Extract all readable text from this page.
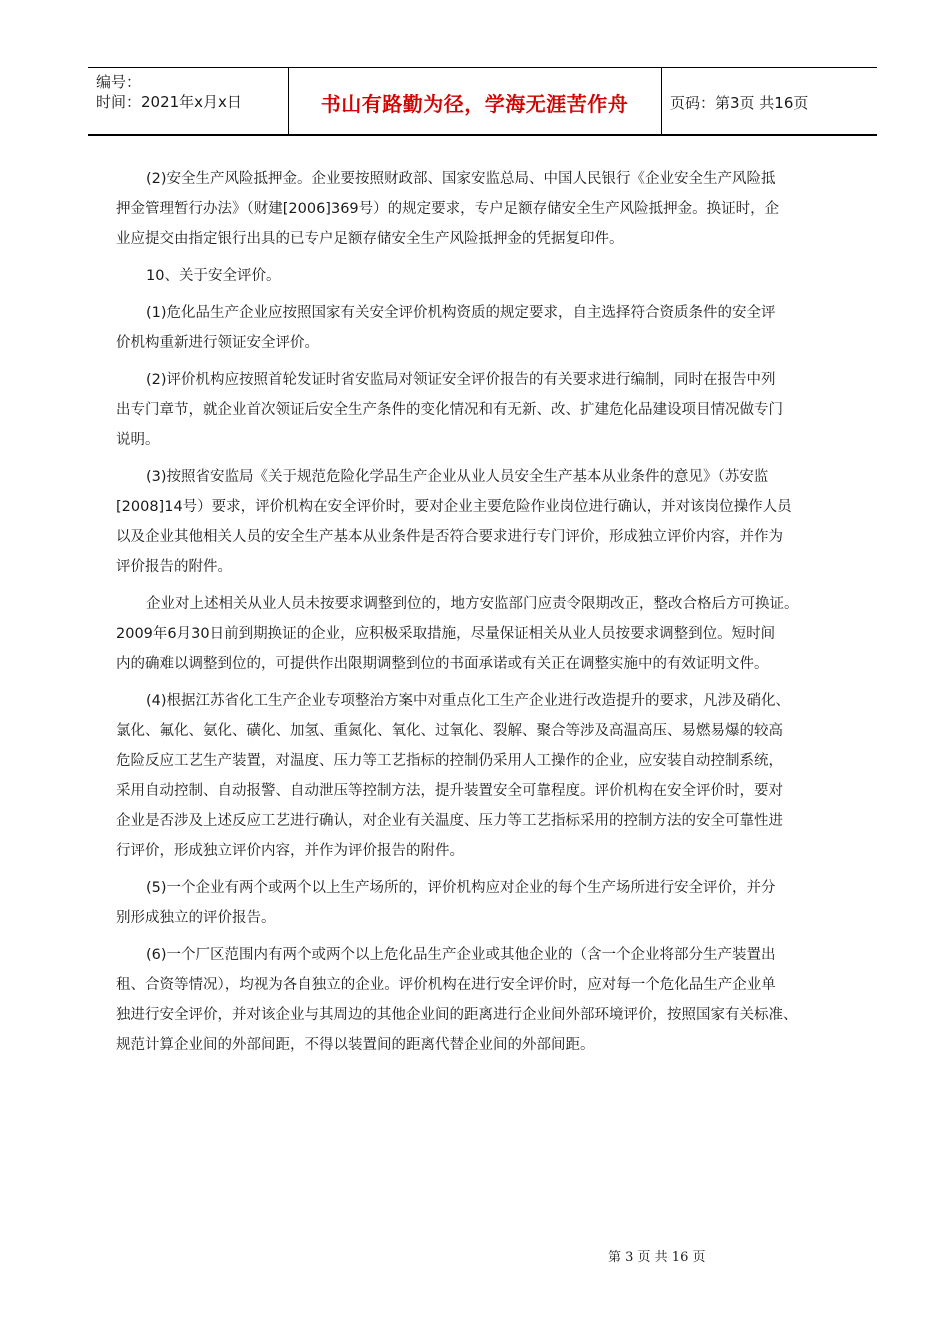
编号：
时间：2021年x月x日	书山有路勤为径，学海无涯苦作舟	页码：第3页 共16页
(2)安全生产风险抵押金。企业要按照财政部、国家安监总局、中国人民银行《企业安全生产风险抵
押金管理暂行办法》（财建[2006]369号）的规定要求，专户足额存储安全生产风险抵押金。换证时，企
业应提交由指定银行出具的已专户足额存储安全生产风险抵押金的凭据复印件。
10、关于安全评价。
(1)危化品生产企业应按照国家有关安全评价机构资质的规定要求，自主选择符合资质条件的安全评
价机构重新进行领证安全评价。
(2)评价机构应按照首轮发证时省安监局对领证安全评价报告的有关要求进行编制，同时在报告中列
出专门章节，就企业首次领证后安全生产条件的变化情况和有无新、改、扩建危化品建设项目情况做专门
说明。
(3)按照省安监局《关于规范危险化学品生产企业从业人员安全生产基本从业条件的意见》（苏安监
[2008]14号）要求，评价机构在安全评价时，要对企业主要危险作业岗位进行确认，并对该岗位操作人员
以及企业其他相关人员的安全生产基本从业条件是否符合要求进行专门评价，形成独立评价内容，并作为
评价报告的附件。
企业对上述相关从业人员未按要求调整到位的，地方安监部门应责令限期改正，整改合格后方可换证。
2009年6月30日前到期换证的企业，应积极采取措施，尽量保证相关从业人员按要求调整到位。短时间
内的确难以调整到位的，可提供作出限期调整到位的书面承诺或有关正在调整实施中的有效证明文件。
(4)根据江苏省化工生产企业专项整治方案中对重点化工生产企业进行改造提升的要求，凡涉及硝化、
氯化、氟化、氨化、磺化、加氢、重氮化、氧化、过氧化、裂解、聚合等涉及高温高压、易燃易爆的较高
危险反应工艺生产装置，对温度、压力等工艺指标的控制仍采用人工操作的企业，应安装自动控制系统，
采用自动控制、自动报警、自动泄压等控制方法，提升装置安全可靠程度。评价机构在安全评价时，要对
企业是否涉及上述反应工艺进行确认，对企业有关温度、压力等工艺指标采用的控制方法的安全可靠性进
行评价，形成独立评价内容，并作为评价报告的附件。
(5)一个企业有两个或两个以上生产场所的，评价机构应对企业的每个生产场所进行安全评价，并分
别形成独立的评价报告。
(6)一个厂区范围内有两个或两个以上危化品生产企业或其他企业的（含一个企业将部分生产装置出
租、合资等情况），均视为各自独立的企业。评价机构在进行安全评价时，应对每一个危化品生产企业单
独进行安全评价，并对该企业与其周边的其他企业间的距离进行企业间外部环境评价，按照国家有关标准、
规范计算企业间的外部间距，不得以装置间的距离代替企业间的外部间距。
第 3 页 共 16 页
